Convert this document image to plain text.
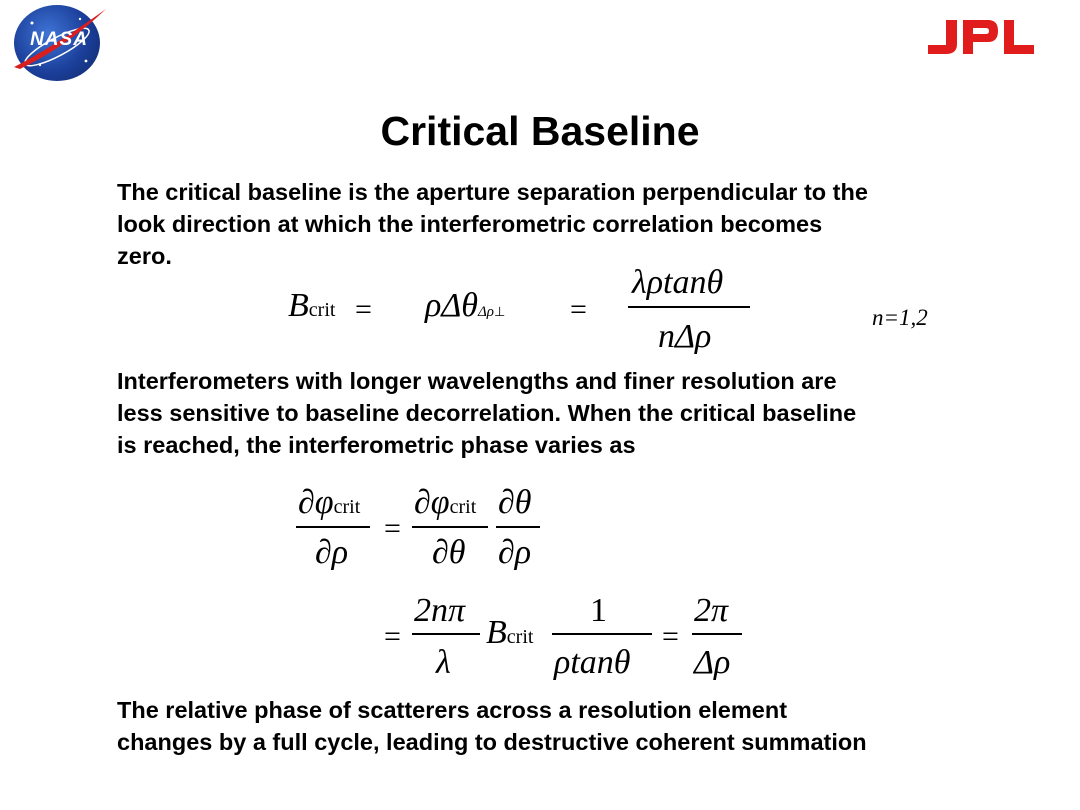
NASA
Critical Baseline
The critical baseline is the aperture separation perpendicular to the
look direction at which the interferometric correlation becomes
zero.
Bcrit = ρΔθΔρ⊥ =
λρtanθ
nΔρ
n=1,2
Interferometers with longer wavelengths and finer resolution are
less sensitive to baseline decorrelation. When the critical baseline
is reached, the interferometric phase varies as
∂φcrit
∂ρ
=
∂φcrit
∂θ
∂θ
∂ρ
=
2nπ
λ
Bcrit
1
ρtanθ
=
2π
Δρ
The relative phase of scatterers across a resolution element
changes by a full cycle, leading to destructive coherent summation
